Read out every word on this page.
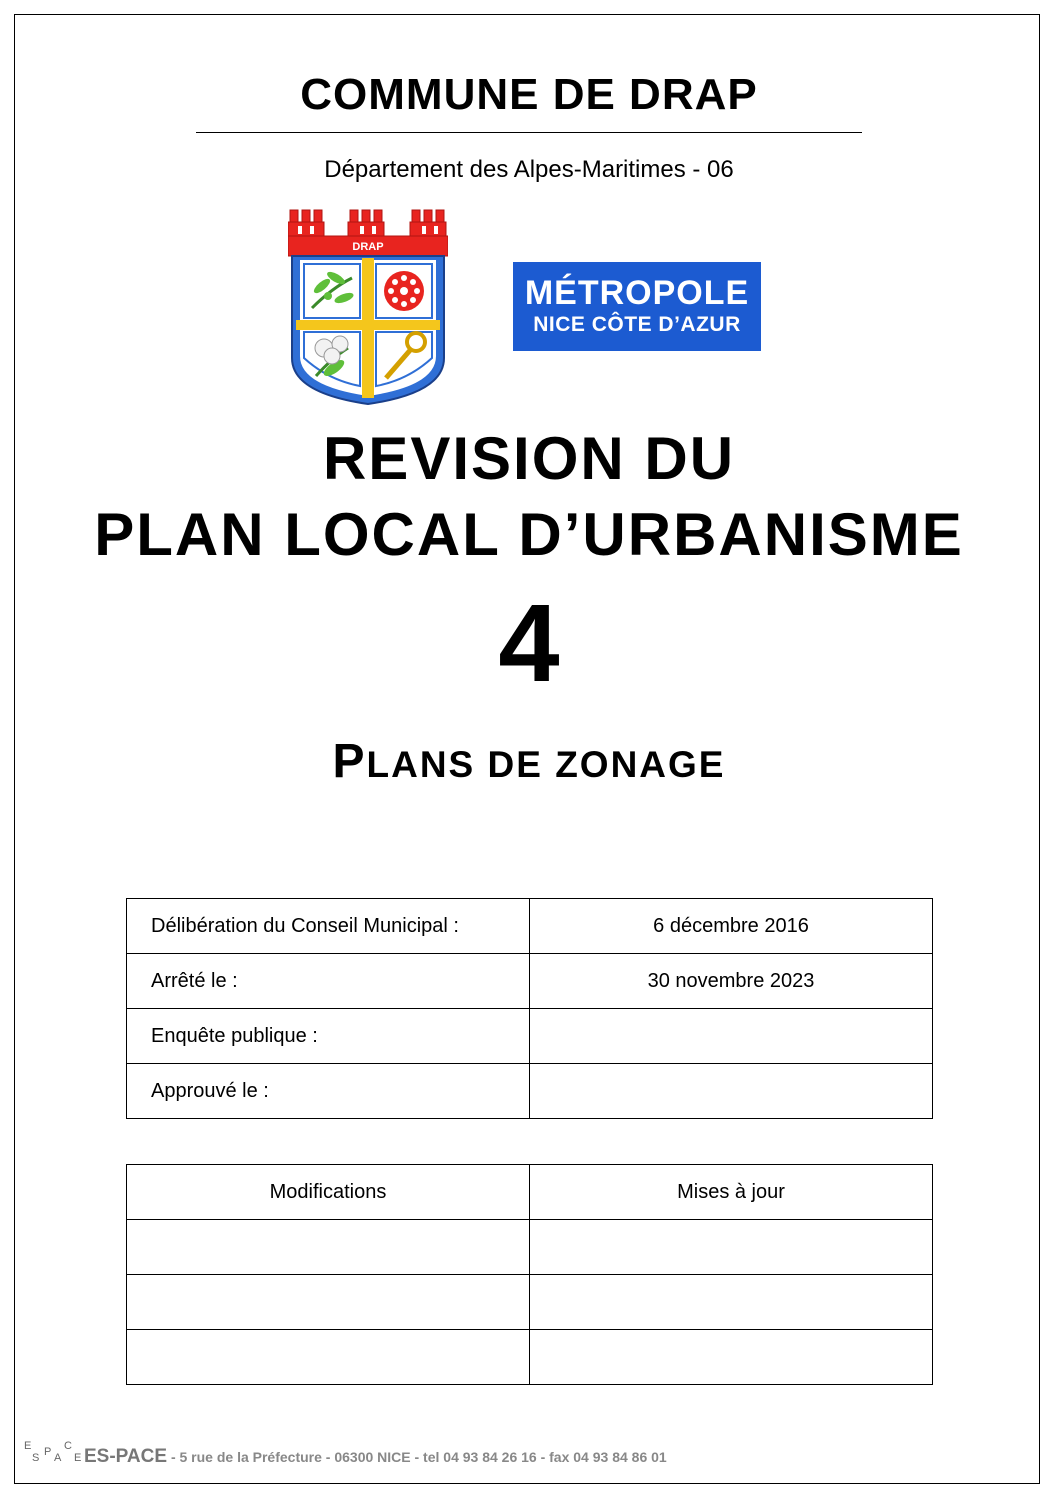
COMMUNE DE DRAP
Département des Alpes-Maritimes - 06
DRAP
MÉTROPOLE
NICE CÔTE D’AZUR
REVISION DU
PLAN LOCAL D’URBANISME
4
PLANS DE ZONAGE
Délibération du Conseil Municipal :	6 décembre 2016
Arrêté le :	30 novembre 2023
Enquête publique :	
Approuvé le :	
Modifications	Mises à jour

E
S P A
C
E ES-PACE - 5 rue de la Préfecture - 06300 NICE - tel 04 93 84 26 16 - fax 04 93 84 86 01
